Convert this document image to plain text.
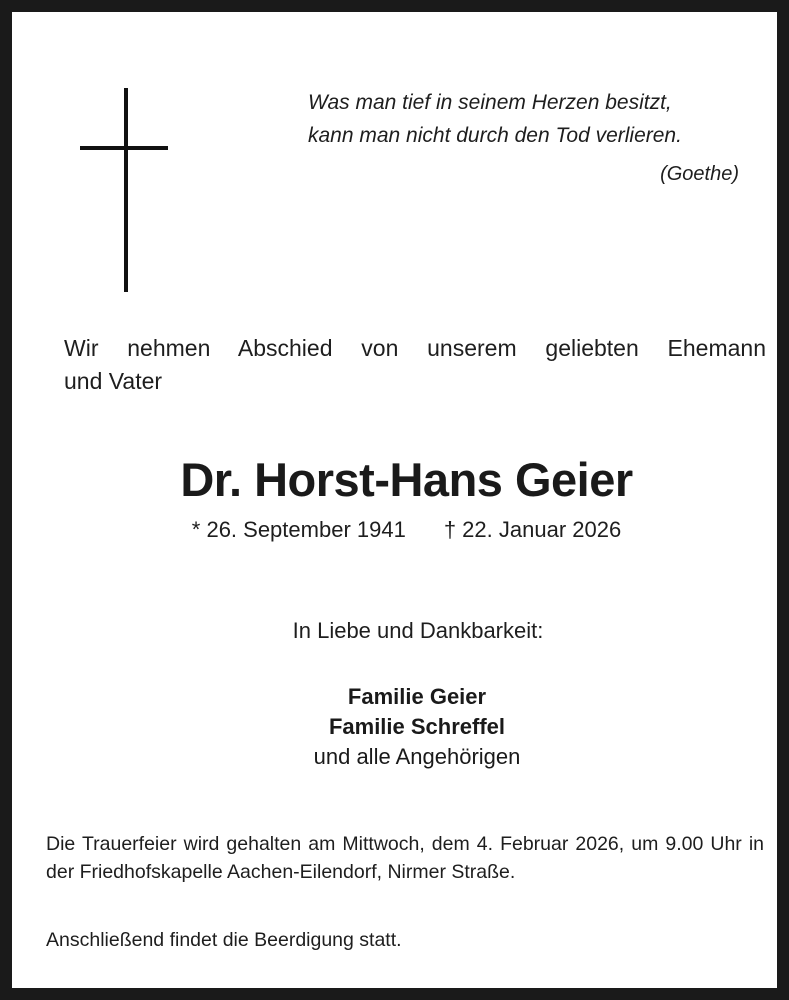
Was man tief in seinem Herzen besitzt,
kann man nicht durch den Tod verlieren.
(Goethe)
Wir nehmen Abschied von unserem geliebten Ehemann
und Vater
Dr. Horst-Hans Geier
* 26. September 1941 † 22. Januar 2026
In Liebe und Dankbarkeit:
Familie Geier
Familie Schreffel
und alle Angehörigen
Die Trauerfeier wird gehalten am Mittwoch, dem 4. Februar 2026, um 9.00 Uhr in der Friedhofskapelle Aachen-Eilendorf, Nirmer Straße.
Anschließend findet die Beerdigung statt.
